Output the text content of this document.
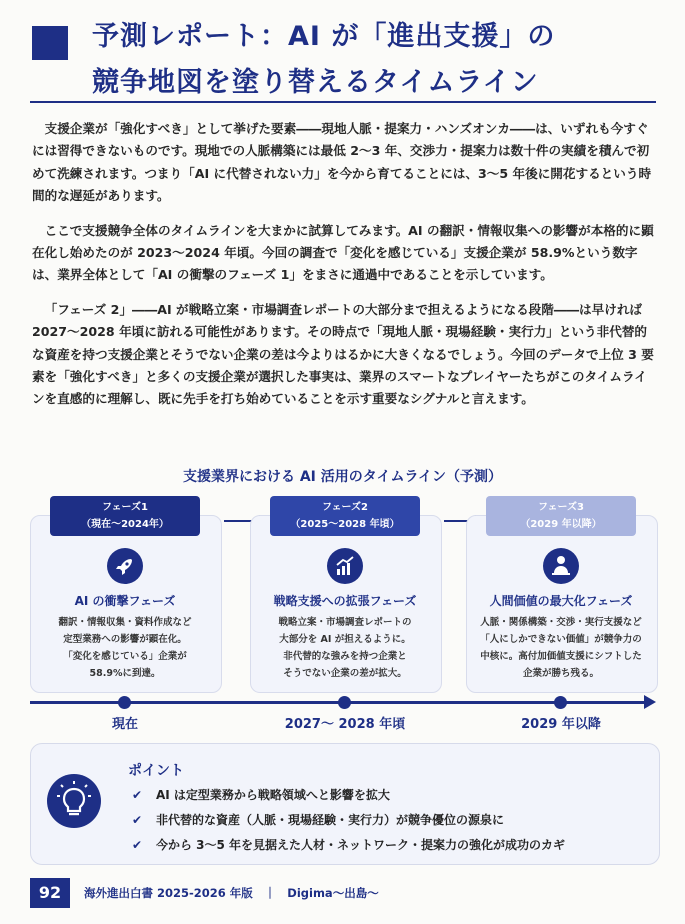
予測レポート：AI が「進出支援」の
競争地図を塗り替えるタイムライン

支援企業が「強化すべき」として挙げた要素――現地人脈・提案力・ハンズオンカ――は、いずれも今すぐには習得できないものです。現地での人脈構築には最低 2～3 年、交渉力・提案力は数十件の実績を積んで初めて洗練されます。つまり「AI に代替されない力」を今から育てることには、3～5 年後に開花するという時間的な遅延があります。

ここで支援競争全体のタイムラインを大まかに試算してみます。AI の翻訳・情報収集への影響が本格的に顕在化し始めたのが 2023～2024 年頃。今回の調査で「変化を感じている」支援企業が 58.9%という数字は、業界全体として「AI の衝撃のフェーズ 1」をまさに通過中であることを示しています。

「フェーズ 2」――AI が戦略立案・市場調査レポートの大部分まで担えるようになる段階――は早ければ 2027～2028 年頃に訪れる可能性があります。その時点で「現地人脈・現場経験・実行力」という非代替的な資産を持つ支援企業とそうでない企業の差は今よりはるかに大きくなるでしょう。今回のデータで上位 3 要素を「強化すべき」と多くの支援企業が選択した事実は、業界のスマートなプレイヤーたちがこのタイムラインを直感的に理解し、既に先手を打ち始めていることを示す重要なシグナルと言えます。

支援業界における AI 活用のタイムライン（予測）
フェーズ1
（現在～2024年）
AI の衝撃フェーズ
翻訳・情報収集・資料作成など
定型業務への影響が顕在化。
「変化を感じている」企業が
58.9%に到達。
フェーズ2
（2025～2028 年頃）
戦略支援への拡張フェーズ
戦略立案・市場調査レポートの
大部分を AI が担えるように。
非代替的な強みを持つ企業と
そうでない企業の差が拡大。
フェーズ3
（2029 年以降）
人間価値の最大化フェーズ
人脈・関係構築・交渉・実行支援など
「人にしかできない価値」が競争力の
中核に。高付加価値支援にシフトした
企業が勝ち残る。
現在	2027～ 2028 年頃	2029 年以降
ポイント
✔ AI は定型業務から戦略領域へと影響を拡大
✔ 非代替的な資産（人脈・現場経験・実行力）が競争優位の源泉に
✔ 今から 3～5 年を見据えた人材・ネットワーク・提案力の強化が成功のカギ
92	海外進出白書 2025-2026 年版　｜　Digima～出島～
